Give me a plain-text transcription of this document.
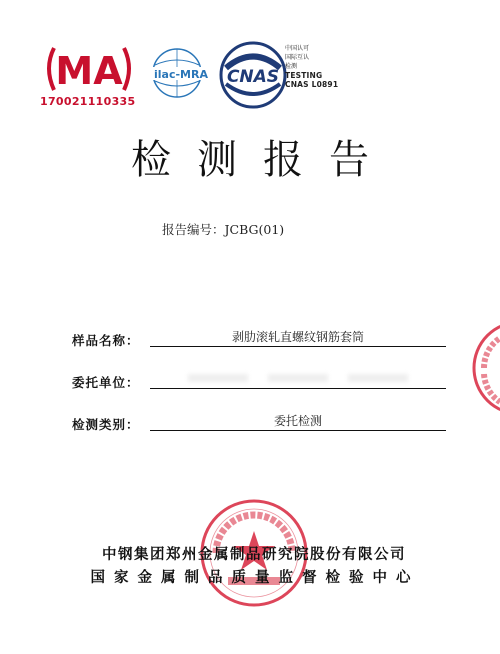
MA
170021110335
ilac-MRA CNAS
中国认可
国际互认
检测
TESTING
CNAS L0891
检测报告
报告编号：JCBG(01)
样品名称：	剥肋滚轧直螺纹钢筋套筒
委托单位：

检测类别：	委托检测
中钢集团郑州金属制品研究院股份有限公司
国家金属制品质量监督检验中心
